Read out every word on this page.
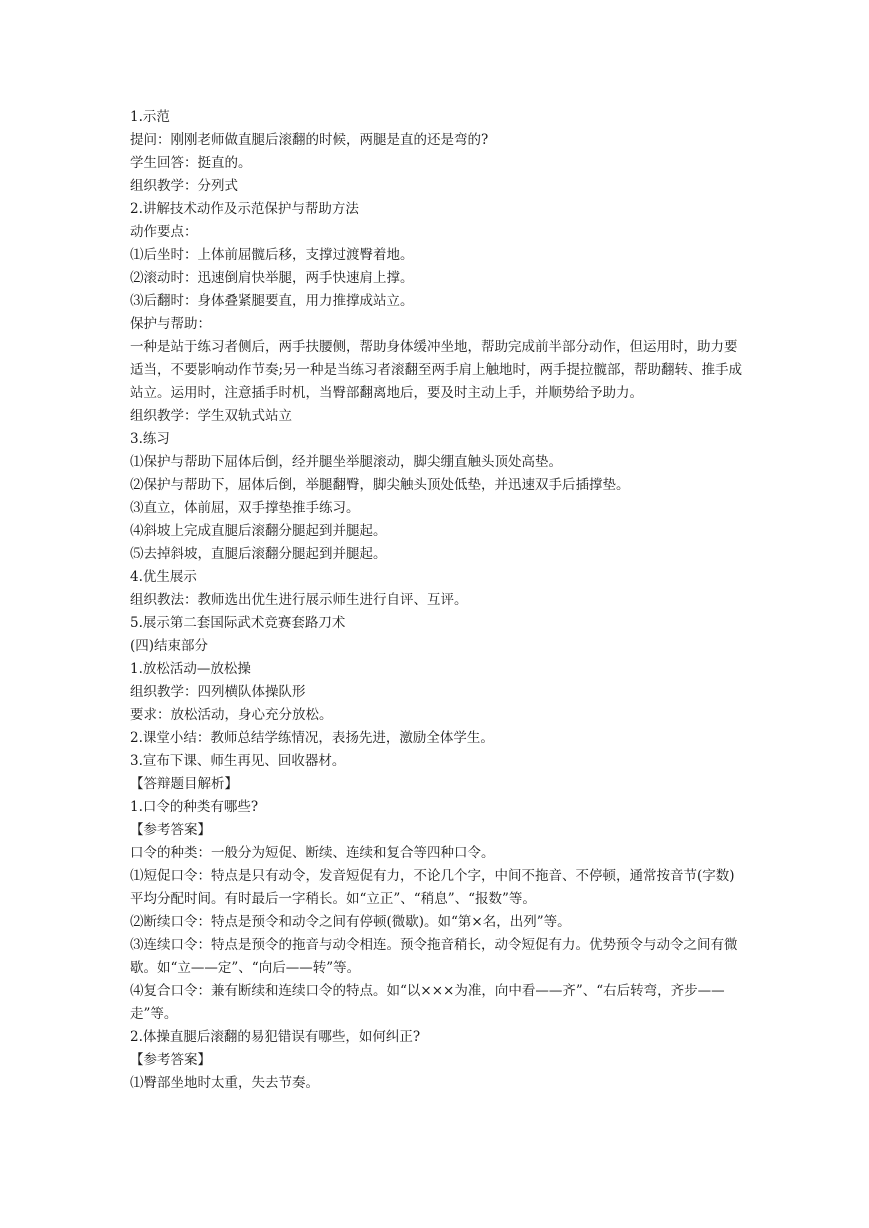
1.示范

提问：刚刚老师做直腿后滚翻的时候，两腿是直的还是弯的?

学生回答：挺直的。

组织教学：分列式

2.讲解技术动作及示范保护与帮助方法

动作要点：

⑴后坐时：上体前屈髋后移，支撑过渡臀着地。

⑵滚动时：迅速倒肩快举腿，两手快速肩上撑。

⑶后翻时：身体叠紧腿要直，用力推撑成站立。

保护与帮助：

一种是站于练习者侧后，两手扶腰侧，帮助身体缓冲坐地，帮助完成前半部分动作，但运用时，助力要适当，不要影响动作节奏;另一种是当练习者滚翻至两手肩上触地时，两手提拉髋部，帮助翻转、推手成站立。运用时，注意插手时机，当臀部翻离地后，要及时主动上手，并顺势给予助力。

组织教学：学生双轨式站立

3.练习

⑴保护与帮助下屈体后倒，经并腿坐举腿滚动，脚尖绷直触头顶处高垫。

⑵保护与帮助下，屈体后倒，举腿翻臀，脚尖触头顶处低垫，并迅速双手后插撑垫。

⑶直立，体前屈，双手撑垫推手练习。

⑷斜坡上完成直腿后滚翻分腿起到并腿起。

⑸去掉斜坡，直腿后滚翻分腿起到并腿起。

4.优生展示

组织教法：教师选出优生进行展示师生进行自评、互评。

5.展示第二套国际武术竞赛套路刀术

(四)结束部分

1.放松活动—放松操

组织教学：四列横队体操队形

要求：放松活动，身心充分放松。

2.课堂小结：教师总结学练情况，表扬先进，激励全体学生。

3.宣布下课、师生再见、回收器材。

【答辩题目解析】

1.口令的种类有哪些?

【参考答案】

口令的种类：一般分为短促、断续、连续和复合等四种口令。

⑴短促口令：特点是只有动令，发音短促有力，不论几个字，中间不拖音、不停顿，通常按音节(字数)平均分配时间。有时最后一字稍长。如“立正”、“稍息”、“报数”等。

⑵断续口令：特点是预令和动令之间有停顿(微歇)。如“第×名，出列”等。

⑶连续口令：特点是预令的拖音与动令相连。预令拖音稍长，动令短促有力。优势预令与动令之间有微歇。如“立——定”、“向后——转”等。

⑷复合口令：兼有断续和连续口令的特点。如“以×××为准，向中看——齐”、“右后转弯，齐步——走”等。

2.体操直腿后滚翻的易犯错误有哪些，如何纠正?

【参考答案】

⑴臀部坐地时太重，失去节奏。
